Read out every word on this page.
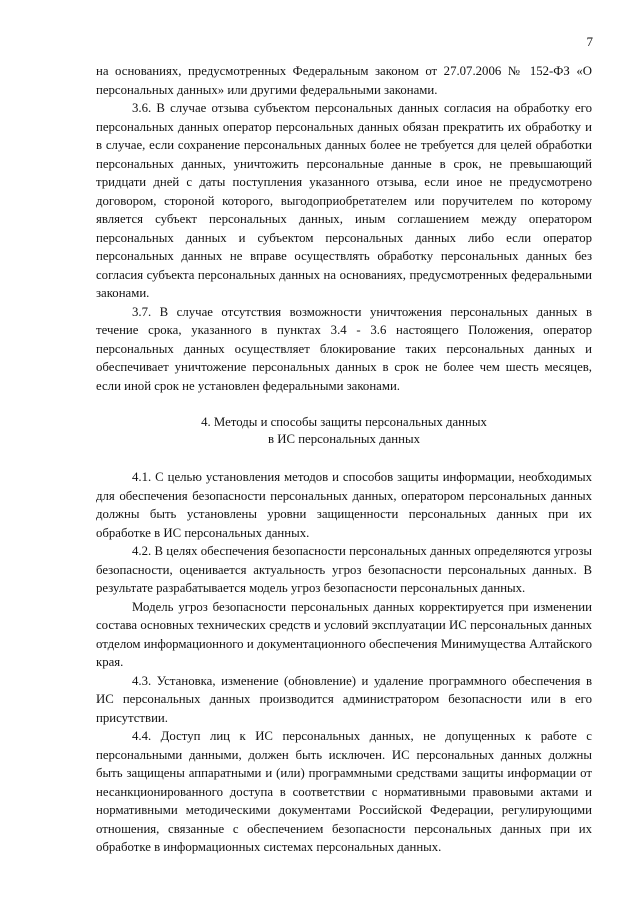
7

на основаниях, предусмотренных Федеральным законом от 27.07.2006 № 152-ФЗ «О персональных данных» или другими федеральными законами.

3.6. В случае отзыва субъектом персональных данных согласия на обработку его персональных данных оператор персональных данных обязан прекратить их обработку и в случае, если сохранение персональных данных более не требуется для целей обработки персональных данных, уничтожить персональные данные в срок, не превышающий тридцати дней с даты поступления указанного отзыва, если иное не предусмотрено договором, стороной которого, выгодоприобретателем или поручителем по которому является субъект персональных данных, иным соглашением между оператором персональных данных и субъектом персональных данных либо если оператор персональных данных не вправе осуществлять обработку персональных данных без согласия субъекта персональных данных на основаниях, предусмотренных федеральными законами.

3.7. В случае отсутствия возможности уничтожения персональных данных в течение срока, указанного в пунктах 3.4 - 3.6 настоящего Положения, оператор персональных данных осуществляет блокирование таких персональных данных и обеспечивает уничтожение персональных данных в срок не более чем шесть месяцев, если иной срок не установлен федеральными законами.

4. Методы и способы защиты персональных данных
в ИС персональных данных

4.1. С целью установления методов и способов защиты информации, необходимых для обеспечения безопасности персональных данных, оператором персональных данных должны быть установлены уровни защищенности персональных данных при их обработке в ИС персональных данных.

4.2. В целях обеспечения безопасности персональных данных определяются угрозы безопасности, оценивается актуальность угроз безопасности персональных данных. В результате разрабатывается модель угроз безопасности персональных данных.

Модель угроз безопасности персональных данных корректируется при изменении состава основных технических средств и условий эксплуатации ИС персональных данных отделом информационного и документационного обеспечения Минимущества Алтайского края.

4.3. Установка, изменение (обновление) и удаление программного обеспечения в ИС персональных данных производится администратором безопасности или в его присутствии.

4.4. Доступ лиц к ИС персональных данных, не допущенных к работе с персональными данными, должен быть исключен. ИС персональных данных должны быть защищены аппаратными и (или) программными средствами защиты информации от несанкционированного доступа в соответствии с нормативными правовыми актами и нормативными методическими документами Российской Федерации, регулирующими отношения, связанные с обеспечением безопасности персональных данных при их обработке в информационных системах персональных данных.
